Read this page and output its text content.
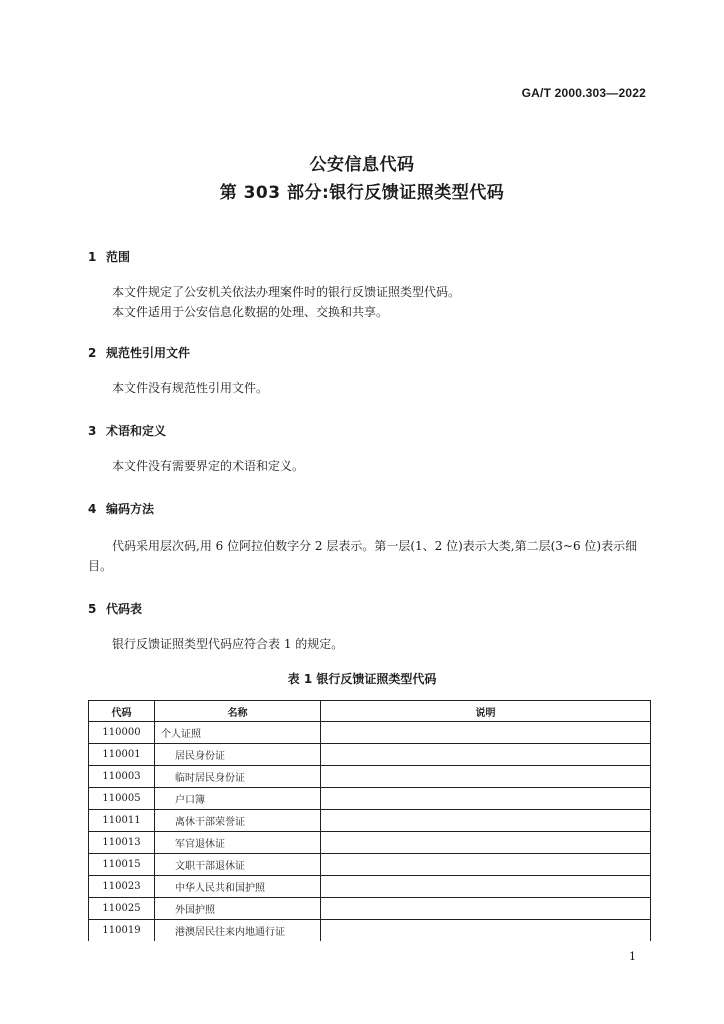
GA/T 2000.303—2022
公安信息代码
第 303 部分:银行反馈证照类型代码
1 范围

本文件规定了公安机关依法办理案件时的银行反馈证照类型代码。

本文件适用于公安信息化数据的处理、交换和共享。

2 规范性引用文件

本文件没有规范性引用文件。

3 术语和定义

本文件没有需要界定的术语和定义。

4 编码方法

代码采用层次码,用 6 位阿拉伯数字分 2 层表示。第一层(1、2 位)表示大类,第二层(3~6 位)表示细目。

5 代码表

银行反馈证照类型代码应符合表 1 的规定。

表 1 银行反馈证照类型代码
代码	名称	说明
110000	个人证照	
110001	居民身份证	
110003	临时居民身份证	
110005	户口簿	
110011	离休干部荣誉证	
110013	军官退休证	
110015	文职干部退休证	
110023	中华人民共和国护照	
110025	外国护照	
110019	港澳居民往来内地通行证	
1
